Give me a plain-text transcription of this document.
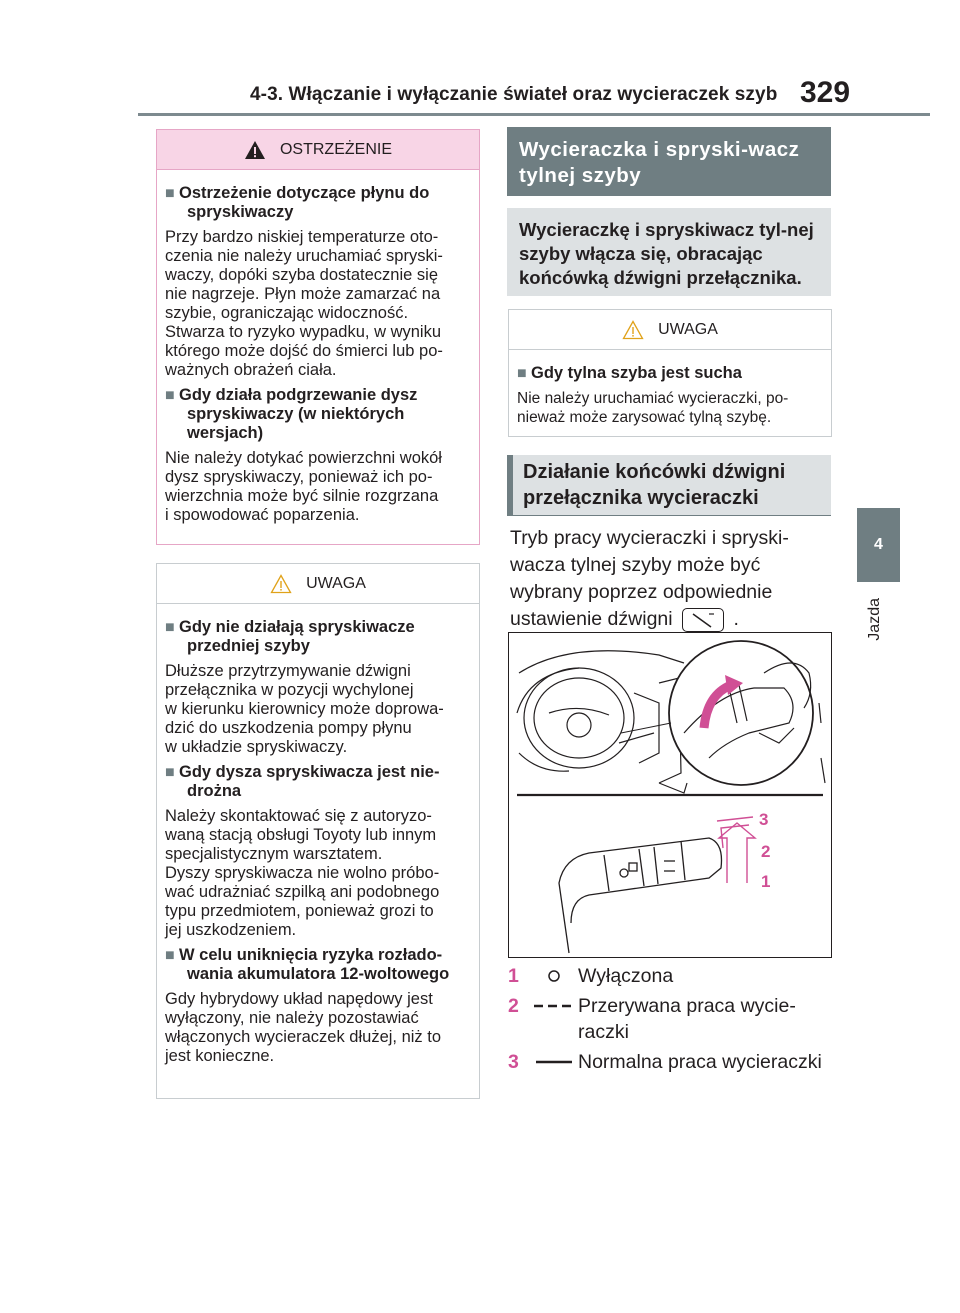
4-3. Włączanie i wyłączanie świateł oraz wycieraczek szyb 329
4
Jazda
OSTRZEŻENIE
■ Ostrzeżenie dotyczące płynu do spryskiwaczy
Przy bardzo niskiej temperaturze oto-
czenia nie należy uruchamiać spryski-
waczy, dopóki szyba dostatecznie się
nie nagrzeje. Płyn może zamarzać na
szybie, ograniczając widoczność.
Stwarza to ryzyko wypadku, w wyniku
którego może dojść do śmierci lub po-
ważnych obrażeń ciała.
■ Gdy działa podgrzewanie dysz spryskiwaczy (w niektórych wersjach)
Nie należy dotykać powierzchni wokół
dysz spryskiwaczy, ponieważ ich po-
wierzchnia może być silnie rozgrzana
i spowodować poparzenia.
UWAGA
■ Gdy nie działają spryskiwacze przedniej szyby
Dłuższe przytrzymywanie dźwigni
przełącznika w pozycji wychylonej
w kierunku kierownicy może doprowa-
dzić do uszkodzenia pompy płynu
w układzie spryskiwaczy.
■ Gdy dysza spryskiwacza jest nie-drożna
Należy skontaktować się z autoryzo-
waną stacją obsługi Toyoty lub innym
specjalistycznym warsztatem.
Dyszy spryskiwacza nie wolno próbo-
wać udrażniać szpilką ani podobnego
typu przedmiotem, ponieważ grozi to
jej uszkodzeniem.
■ W celu uniknięcia ryzyka rozłado-wania akumulatora 12-woltowego
Gdy hybrydowy układ napędowy jest
wyłączony, nie należy pozostawiać
włączonych wycieraczek dłużej, niż to
jest konieczne.
Wycieraczka i spryski-wacz tylnej szyby
Wycieraczkę i spryskiwacz tyl-nej szyby włącza się, obracając końcówką dźwigni przełącznika.
UWAGA
■ Gdy tylna szyba jest sucha
Nie należy uruchamiać wycieraczki, po-
nieważ może zarysować tylną szybę.
Działanie końcówki dźwigni przełącznika wycieraczki
Tryb pracy wycieraczki i spryski-wacza tylnej szyby może być wybrany poprzez odpowiednie ustawienie dźwigni	.
3
2
1
1	Wyłączona
2	Przerywana praca wycie-raczki
3	Normalna praca wycieraczki
